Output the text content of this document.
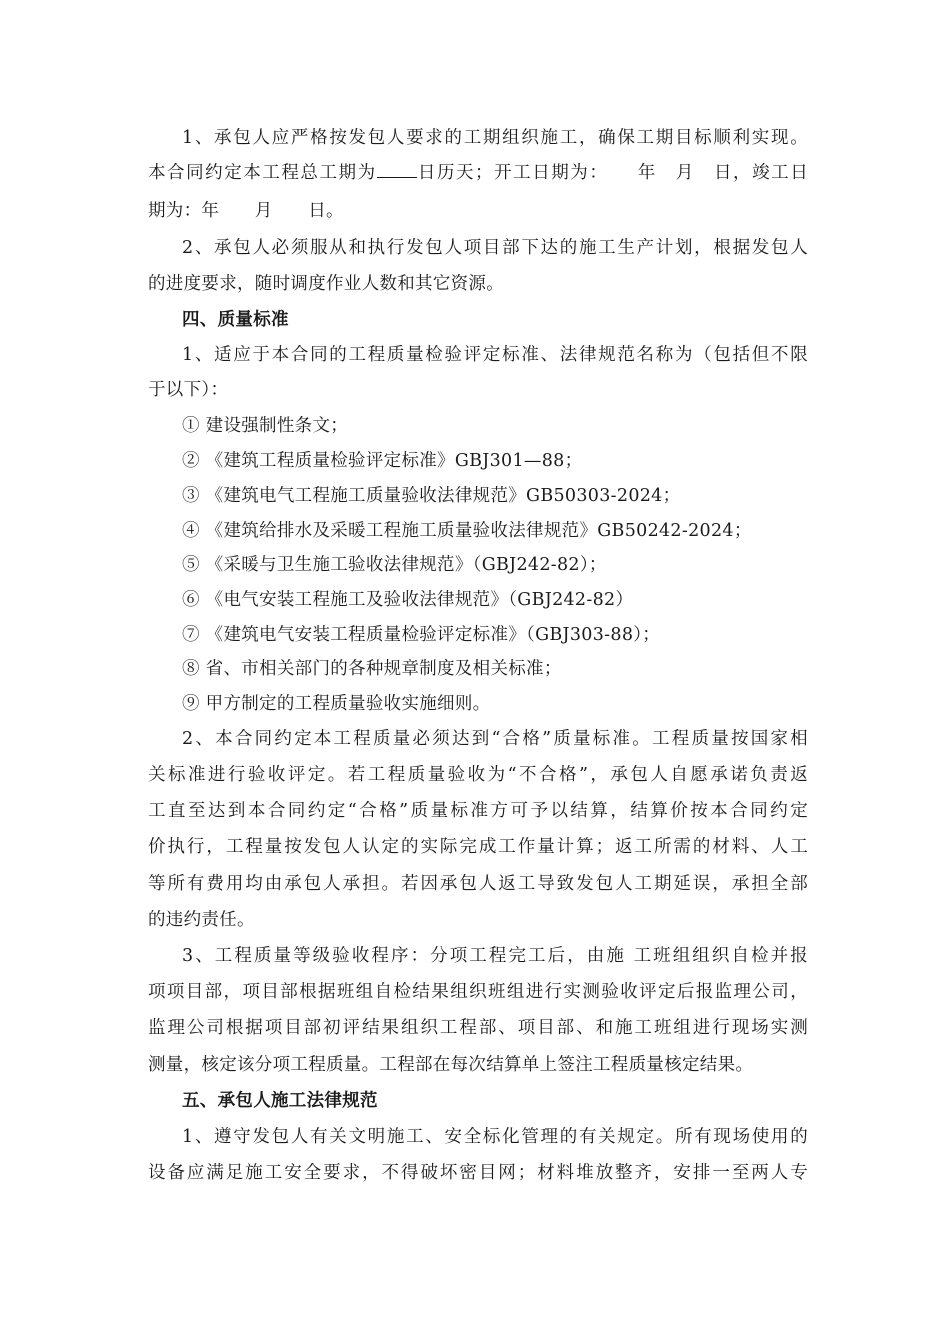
1、承包人应严格按发包人要求的工期组织施工，确保工期目标顺利实现。
本合同约定本工程总工期为 日历天；开工日期为：　　年　月　日，竣工日
期为：年　　月　　日。
2、承包人必须服从和执行发包人项目部下达的施工生产计划，根据发包人
的进度要求，随时调度作业人数和其它资源。
四、质量标准
1、适应于本合同的工程质量检验评定标准、法律规范名称为（包括但不限
于以下）：
① 建设强制性条文；
② 《建筑工程质量检验评定标准》GBJ301—88；
③ 《建筑电气工程施工质量验收法律规范》GB50303-2024；
④ 《建筑给排水及采暖工程施工质量验收法律规范》GB50242-2024；
⑤ 《采暖与卫生施工验收法律规范》（GBJ242-82）；
⑥ 《电气安装工程施工及验收法律规范》（GBJ242-82）
⑦ 《建筑电气安装工程质量检验评定标准》（GBJ303-88）；
⑧ 省、市相关部门的各种规章制度及相关标准；
⑨ 甲方制定的工程质量验收实施细则。
2、本合同约定本工程质量必须达到“合格”质量标准。工程质量按国家相
关标准进行验收评定。若工程质量验收为“不合格”，承包人自愿承诺负责返
工直至达到本合同约定“合格”质量标准方可予以结算，结算价按本合同约定
价执行，工程量按发包人认定的实际完成工作量计算；返工所需的材料、人工
等所有费用均由承包人承担。若因承包人返工导致发包人工期延误，承担全部
的违约责任。
3、工程质量等级验收程序：分项工程完工后，由施 工班组组织自检并报
项项目部，项目部根据班组自检结果组织班组进行实测验收评定后报监理公司，
监理公司根据项目部初评结果组织工程部、项目部、和施工班组进行现场实测
测量，核定该分项工程质量。工程部在每次结算单上签注工程质量核定结果。
五、承包人施工法律规范
1、遵守发包人有关文明施工、安全标化管理的有关规定。所有现场使用的
设备应满足施工安全要求，不得破坏密目网；材料堆放整齐，安排一至两人专
